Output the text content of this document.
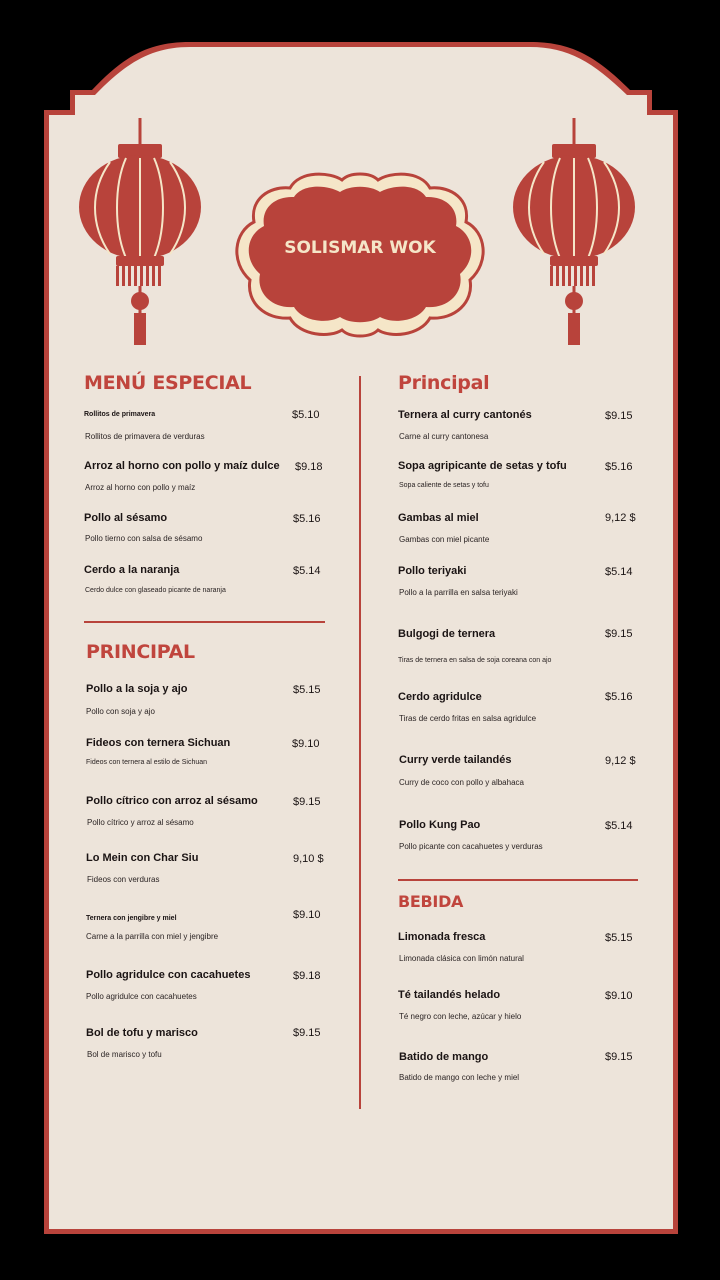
SOLISMAR WOK
MENÚ ESPECIAL
Rollitos de primavera	$5.10
Rollitos de primavera de verduras
Arroz al horno con pollo y maíz dulce $9.18
Arroz al horno con pollo y maíz
Pollo al sésamo	$5.16
Pollo tierno con salsa de sésamo
Cerdo a la naranja	$5.14
Cerdo dulce con glaseado picante de naranja
PRINCIPAL
Pollo a la soja y ajo	$5.15
Pollo con soja y ajo
Fideos con ternera Sichuan	$9.10
Fideos con ternera al estilo de Sichuan
Pollo cítrico con arroz al sésamo	$9.15
Pollo cítrico y arroz al sésamo
Lo Mein con Char Siu	9,10 $
Fideos con verduras
Ternera con jengibre y miel	$9.10
Carne a la parrilla con miel y jengibre
Pollo agridulce con cacahuetes	$9.18
Pollo agridulce con cacahuetes
Bol de tofu y marisco	$9.15
Bol de marisco y tofu
Principal
Ternera al curry cantonés	$9.15
Carne al curry cantonesa
Sopa agripicante de setas y tofu	$5.16
Sopa caliente de setas y tofu
Gambas al miel	9,12 $
Gambas con miel picante
Pollo teriyaki	$5.14
Pollo a la parrilla en salsa teriyaki
Bulgogi de ternera	$9.15
Tiras de ternera en salsa de soja coreana con ajo
Cerdo agridulce	$5.16
Tiras de cerdo fritas en salsa agridulce
Curry verde tailandés	9,12 $
Curry de coco con pollo y albahaca
Pollo Kung Pao	$5.14
Pollo picante con cacahuetes y verduras
BEBIDA
Limonada fresca	$5.15
Limonada clásica con limón natural
Té tailandés helado	$9.10
Té negro con leche, azúcar y hielo
Batido de mango	$9.15
Batido de mango con leche y miel
